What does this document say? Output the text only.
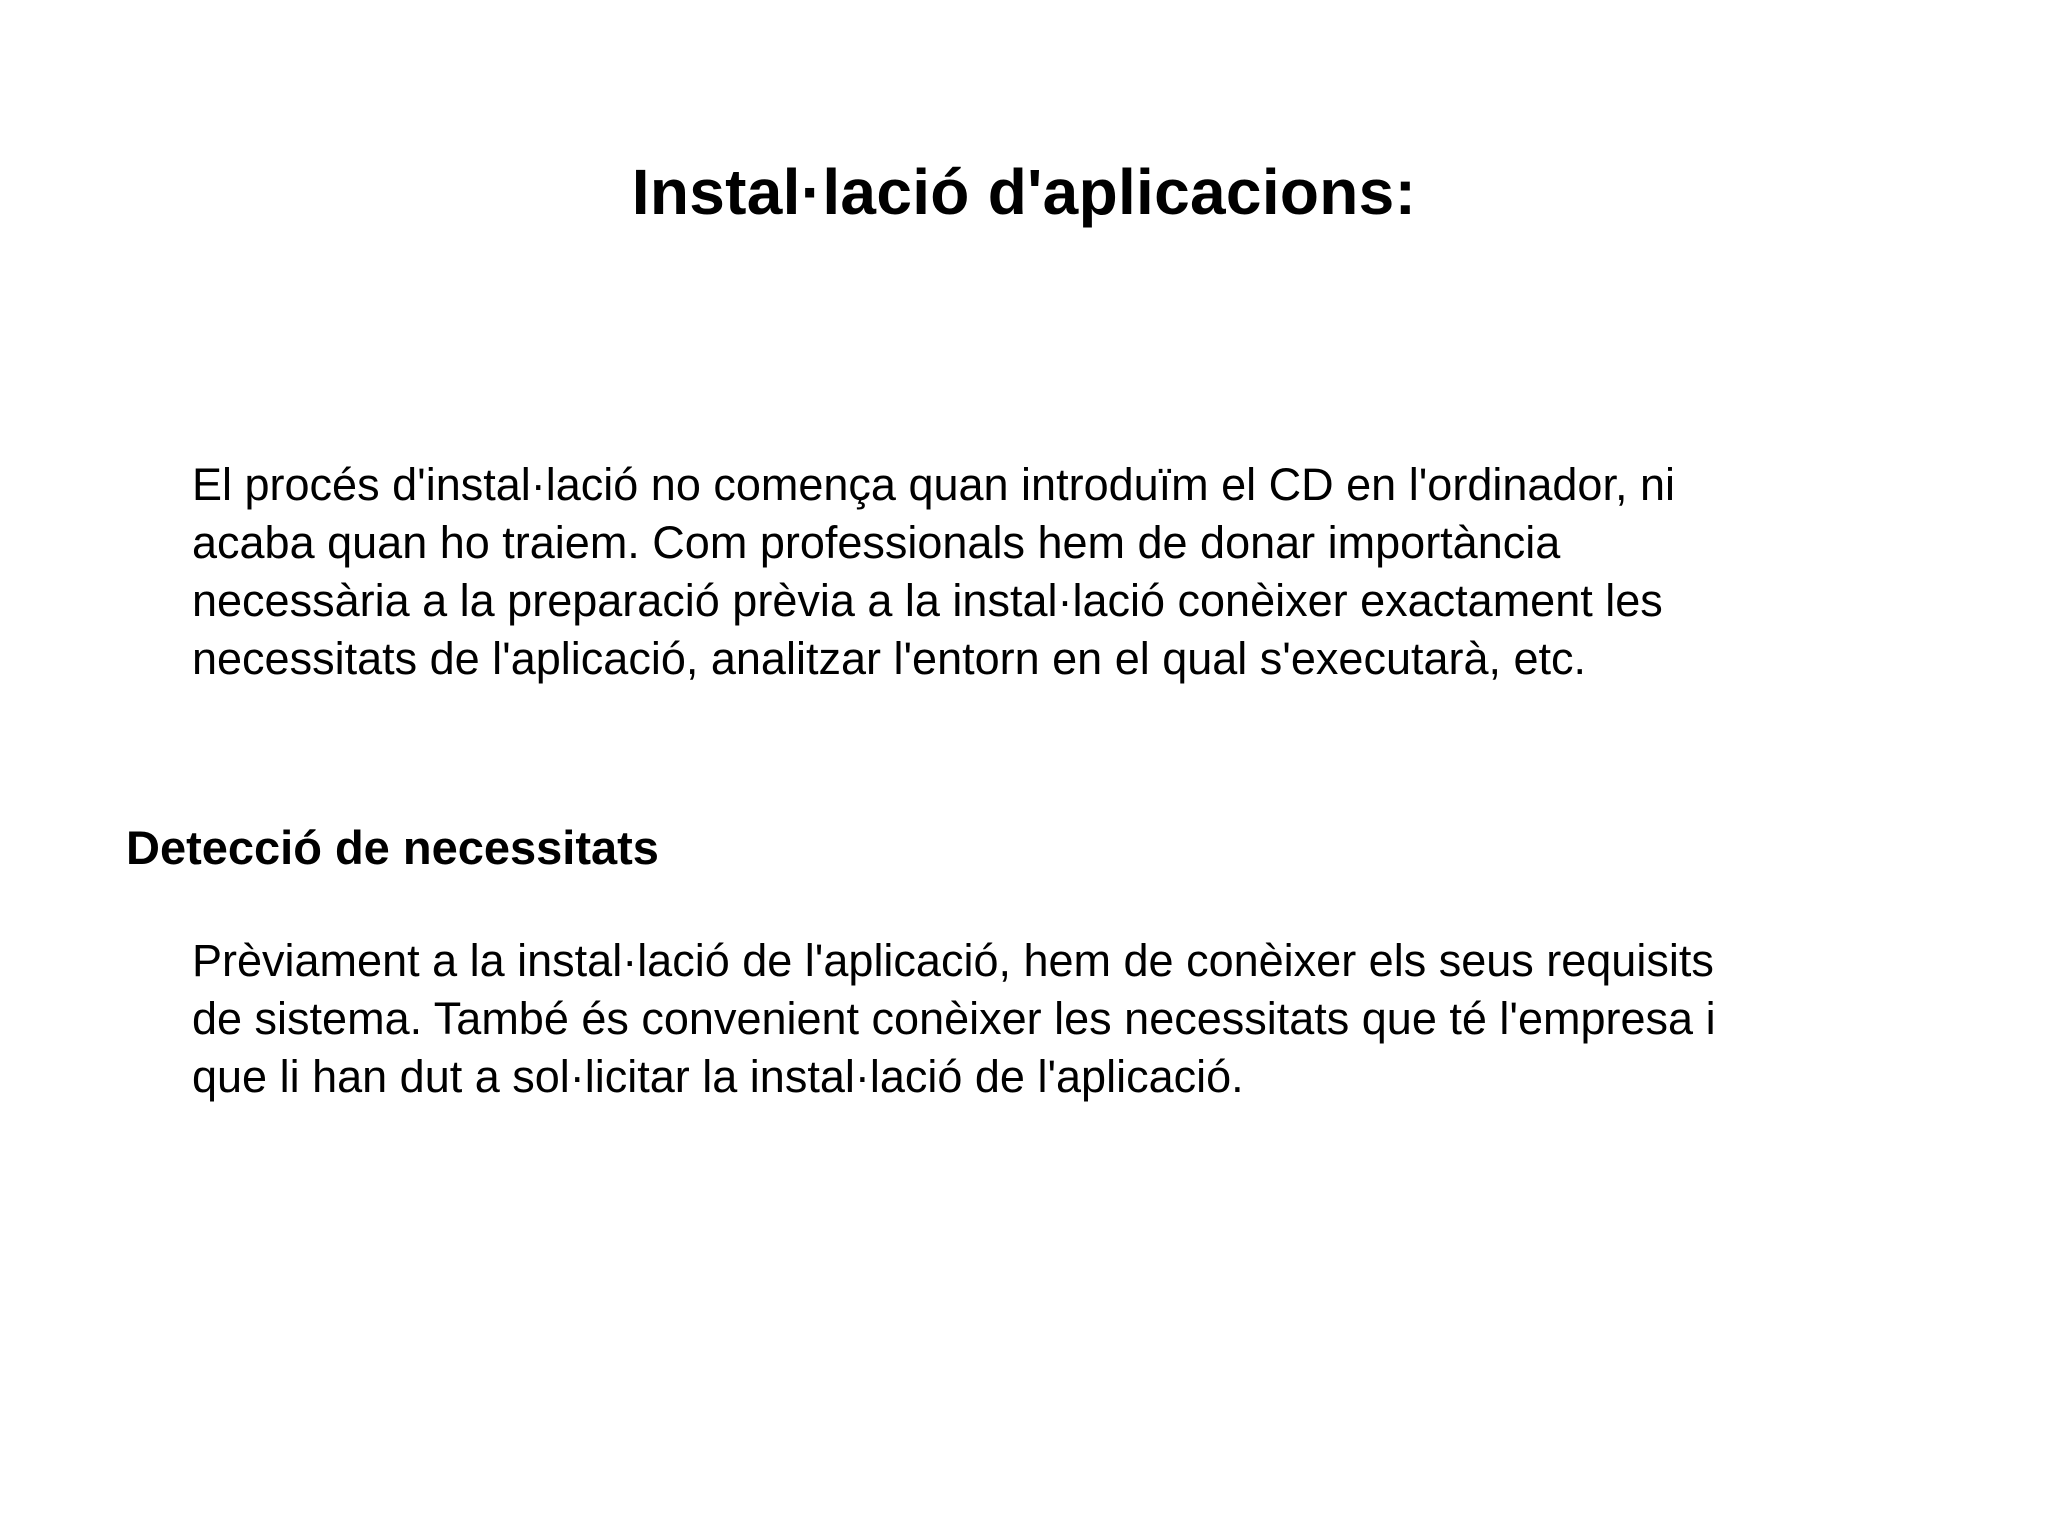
Instal·lació d'aplicacions:
El procés d'instal·lació no comença quan introduïm el CD en l'ordinador, ni
acaba quan ho traiem. Com professionals hem de donar importància
necessària a la preparació prèvia a la instal·lació conèixer exactament les
necessitats de l'aplicació, analitzar l'entorn en el qual s'executarà, etc.
Detecció de necessitats
Prèviament a la instal·lació de l'aplicació, hem de conèixer els seus requisits
de sistema. També és convenient conèixer les necessitats que té l'empresa i
que li han dut a sol·licitar la instal·lació de l'aplicació.
